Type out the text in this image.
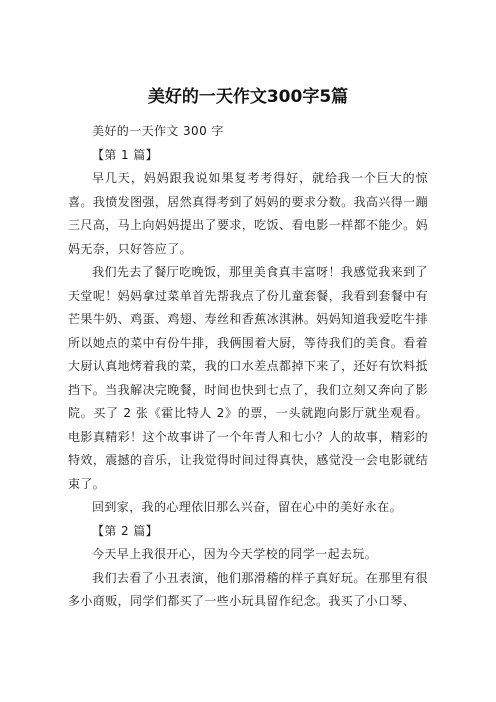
美好的一天作文300字5篇

美好的一天作文 300 字

【第 1 篇】

早几天，妈妈跟我说如果复考考得好，就给我一个巨大的惊喜。我愤发图强，居然真得考到了妈妈的要求分数。我高兴得一蹦三尺高，马上向妈妈提出了要求，吃饭、看电影一样都不能少。妈妈无奈，只好答应了。

我们先去了餐厅吃晚饭，那里美食真丰富呀！我感觉我来到了天堂呢！妈妈拿过菜单首先帮我点了份儿童套餐，我看到套餐中有芒果牛奶、鸡蛋、鸡翅、寿丝和香蕉冰淇淋。妈妈知道我爱吃牛排所以她点的菜中有份牛排，我俩围着大厨，等待我们的美食。看着大厨认真地烤着我的菜，我的口水差点都掉下来了，还好有饮料抵挡下。当我解决完晚餐，时间也快到七点了，我们立刻又奔向了影院。买了 2 张《霍比特人 2》的票，一头就跑向影厅就坐观看。电影真精彩！这个故事讲了一个年青人和七小？人的故事，精彩的特效，震撼的音乐，让我觉得时间过得真快，感觉没一会电影就结束了。

回到家，我的心理依旧那么兴奋，留在心中的美好永在。

【第 2 篇】

今天早上我很开心，因为今天学校的同学一起去玩。

我们去看了小丑表演，他们那滑稽的样子真好玩。在那里有很多小商贩，同学们都买了一些小玩具留作纪念。我买了小口琴、
